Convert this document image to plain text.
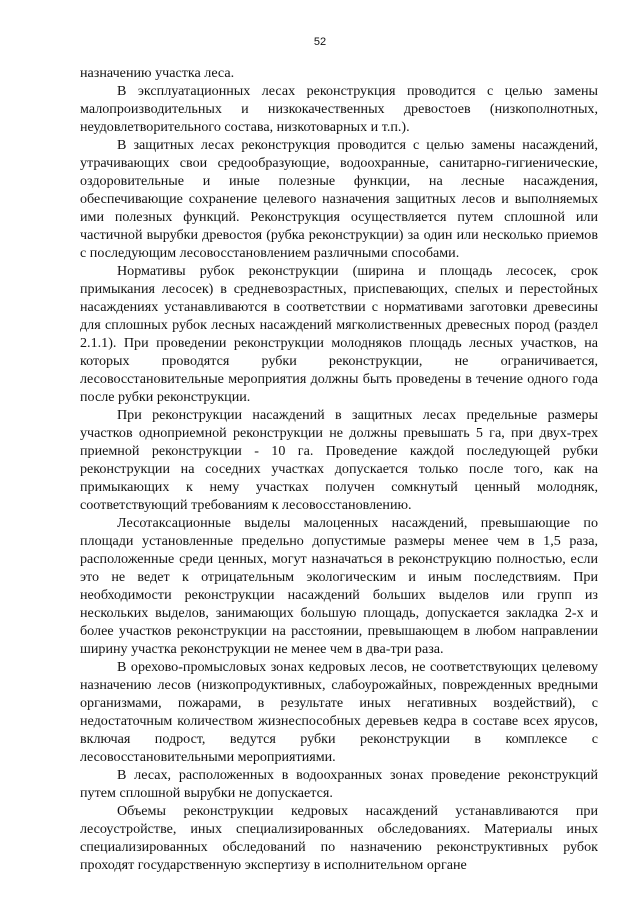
52

назначению участка леса.

В эксплуатационных лесах реконструкция проводится с целью замены малопроизводительных и низкокачественных древостоев (низкополнотных, неудовлетворительного состава, низкотоварных и т.п.).

В защитных лесах реконструкция проводится с целью замены насаждений, утрачивающих свои средообразующие, водоохранные, санитарно-гигиенические, оздоровительные и иные полезные функции, на лесные насаждения, обеспечивающие сохранение целевого назначения защитных лесов и выполняемых ими полезных функций. Реконструкция осуществляется путем сплошной или частичной вырубки древостоя (рубка реконструкции) за один или несколько приемов с последующим лесовосстановлением различными способами.

Нормативы рубок реконструкции (ширина и площадь лесосек, срок примыкания лесосек) в средневозрастных, приспевающих, спелых и перестойных насаждениях устанавливаются в соответствии с нормативами заготовки древесины для сплошных рубок лесных насаждений мягколиственных древесных пород (раздел 2.1.1). При проведении реконструкции молодняков площадь лесных участков, на которых проводятся рубки реконструкции, не ограничивается, лесовосстановительные мероприятия должны быть проведены в течение одного года после рубки реконструкции.

При реконструкции насаждений в защитных лесах предельные размеры участков одноприемной реконструкции не должны превышать 5 га, при двух-трех приемной реконструкции - 10 га. Проведение каждой последующей рубки реконструкции на соседних участках допускается только после того, как на примыкающих к нему участках получен сомкнутый ценный молодняк, соответствующий требованиям к лесовосстановлению.

Лесотаксационные выделы малоценных насаждений, превышающие по площади установленные предельно допустимые размеры менее чем в 1,5 раза, расположенные среди ценных, могут назначаться в реконструкцию полностью, если это не ведет к отрицательным экологическим и иным последствиям. При необходимости реконструкции насаждений больших выделов или групп из нескольких выделов, занимающих большую площадь, допускается закладка 2-х и более участков реконструкции на расстоянии, превышающем в любом направлении ширину участка реконструкции не менее чем в два-три раза.

В орехово-промысловых зонах кедровых лесов, не соответствующих целевому назначению лесов (низкопродуктивных, слабоурожайных, поврежденных вредными организмами, пожарами, в результате иных негативных воздействий), с недостаточным количеством жизнеспособных деревьев кедра в составе всех ярусов, включая подрост, ведутся рубки реконструкции в комплексе с лесовосстановительными мероприятиями.

В лесах, расположенных в водоохранных зонах проведение реконструкций путем сплошной вырубки не допускается.

Объемы реконструкции кедровых насаждений устанавливаются при лесоустройстве, иных специализированных обследованиях. Материалы иных специализированных обследований по назначению реконструктивных рубок проходят государственную экспертизу в исполнительном органе
